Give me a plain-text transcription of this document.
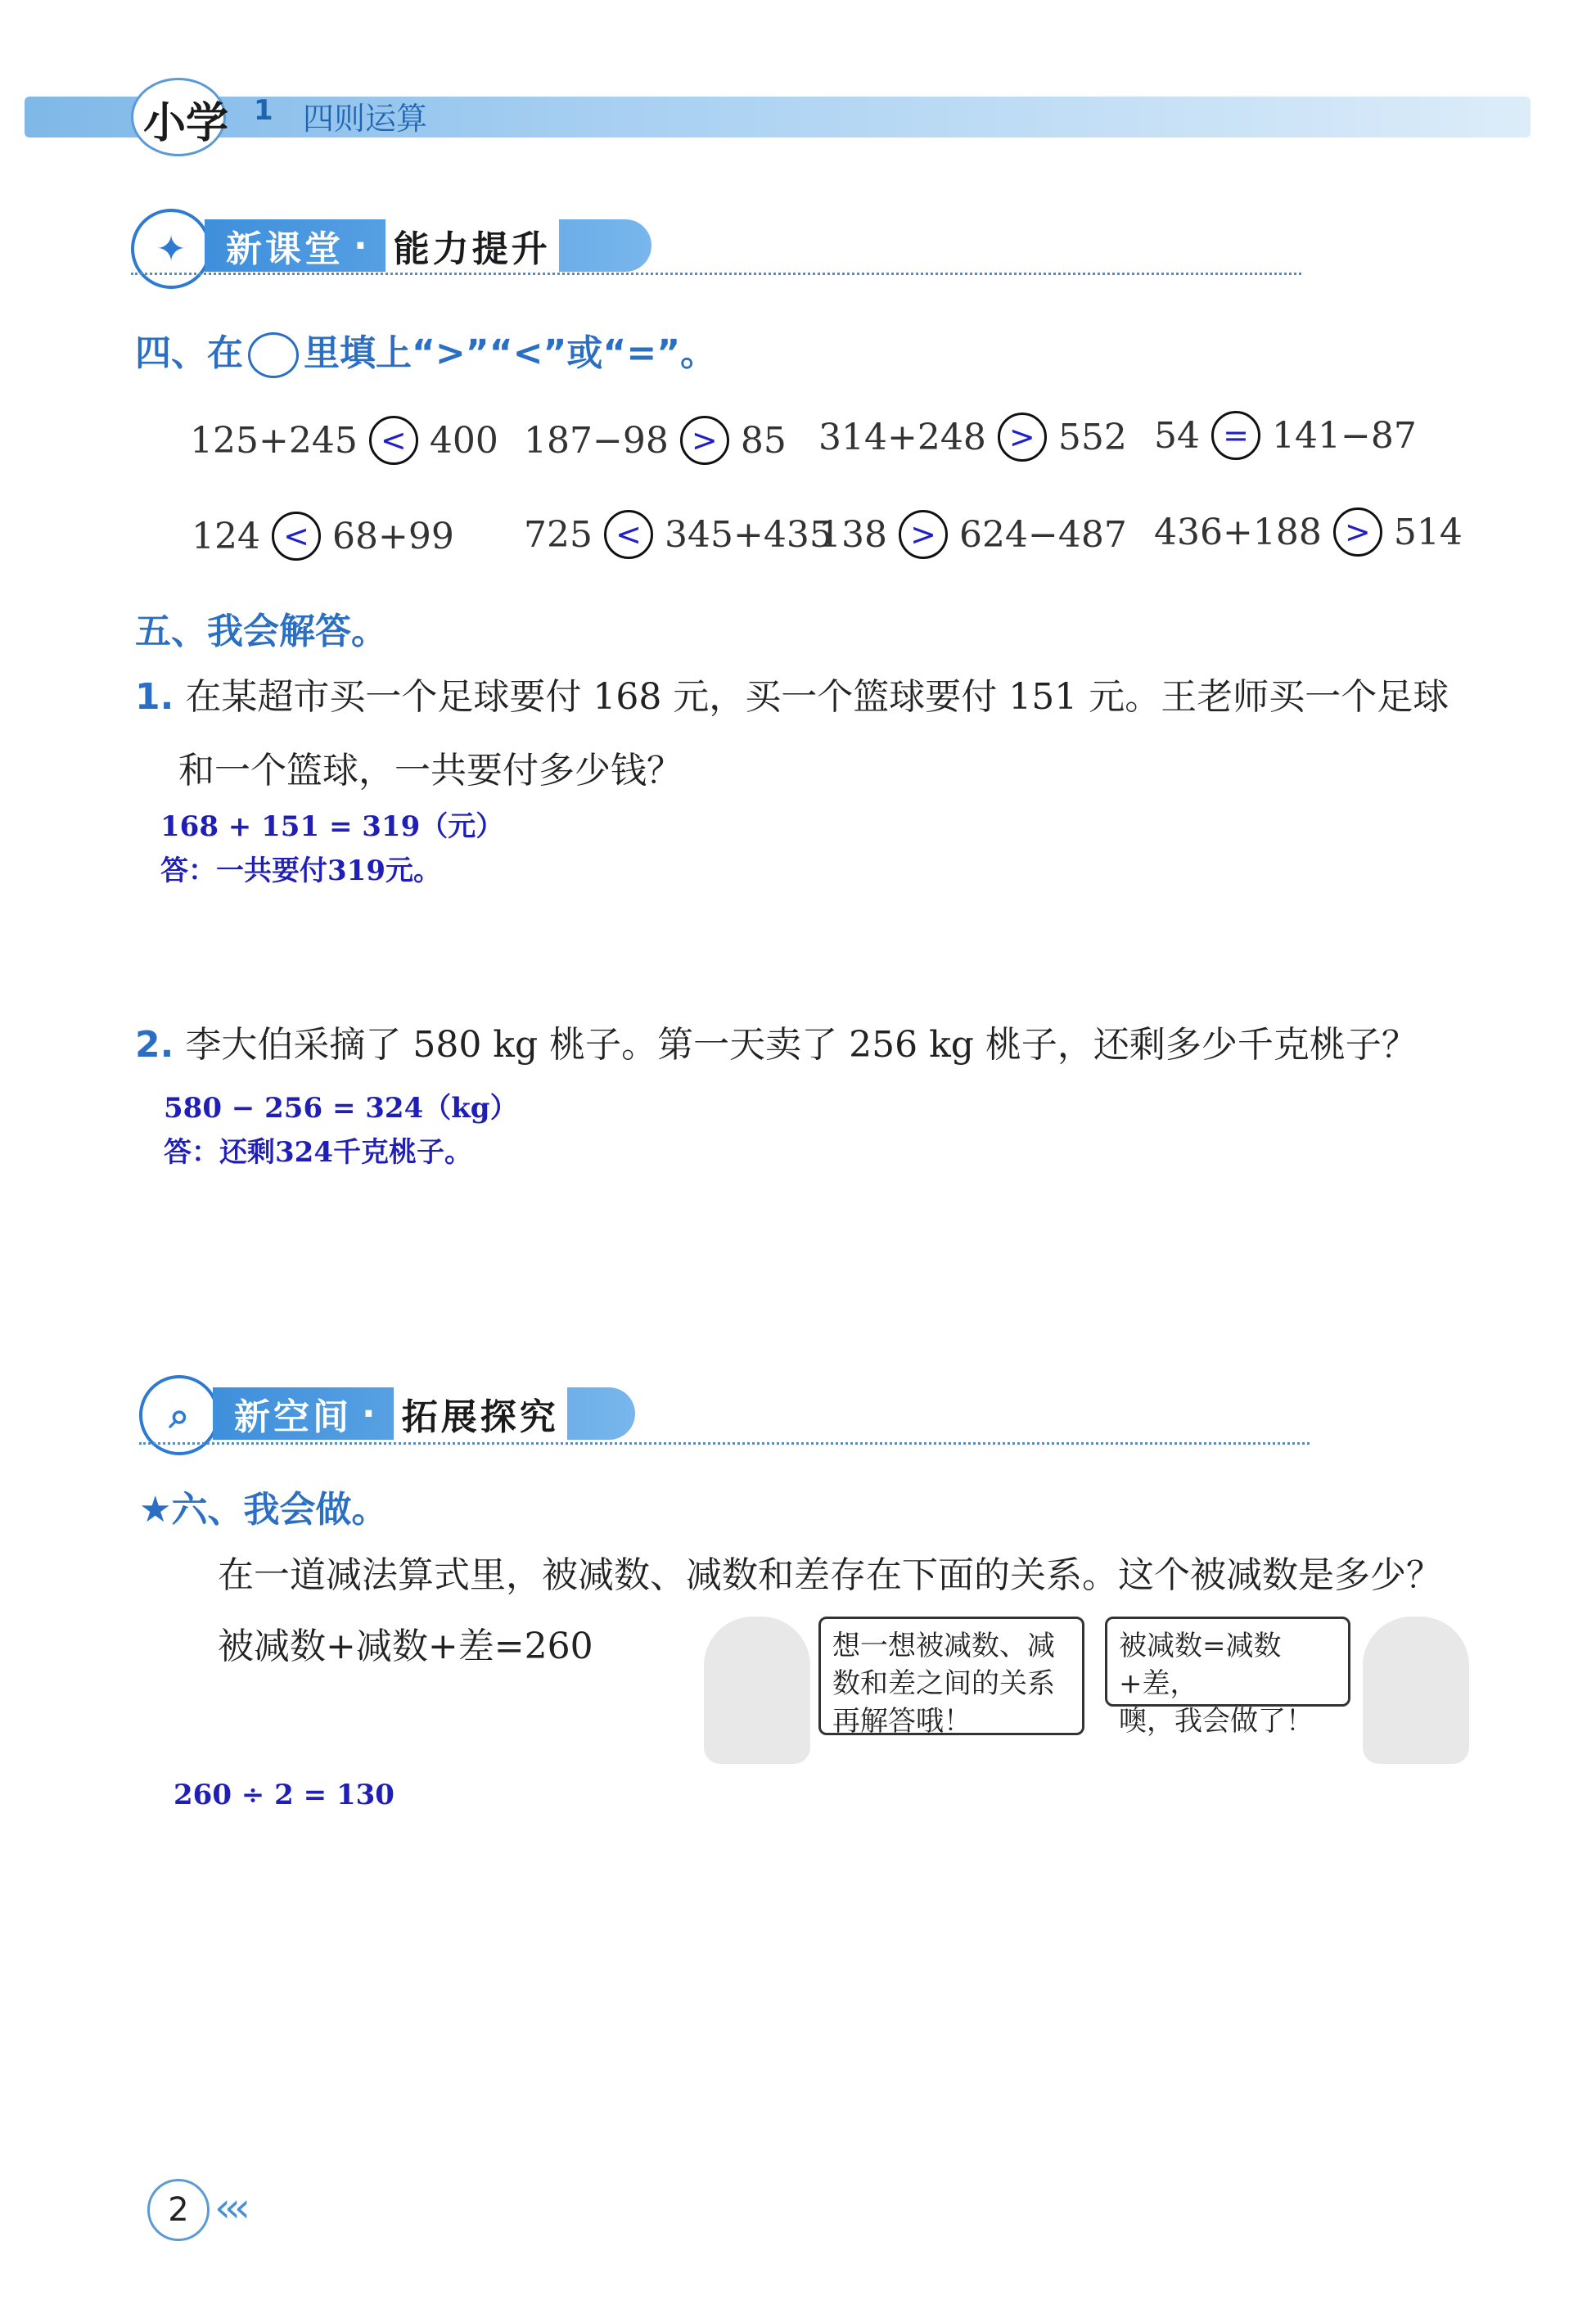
小学 1 四则运算
✦	新课堂 · 能力提升
四、在 里填上“>”“<”或“=”。
125+245 < 400 187−98 > 85 314+248 > 552 54 = 141−87
124 < 68+99 725 < 345+435
138 > 624−487 436+188 > 514
五、我会解答。
1. 在某超市买一个足球要付 168 元，买一个篮球要付 151 元。王老师买一个足球
和一个篮球，一共要付多少钱？
168 + 151 = 319（元）
答：一共要付319元。
2. 李大伯采摘了 580 kg 桃子。第一天卖了 256 kg 桃子，还剩多少千克桃子？
580 − 256 = 324（kg）
答：还剩324千克桃子。
⌕	新空间 · 拓展探究
★六、我会做。
在一道减法算式里，被减数、减数和差存在下面的关系。这个被减数是多少？
被减数+减数+差=260	想一想被减数、减
数和差之间的关系
再解答哦！
被减数=减数+差，
噢，我会做了！
260 ÷ 2 = 130
2 ‹‹‹
